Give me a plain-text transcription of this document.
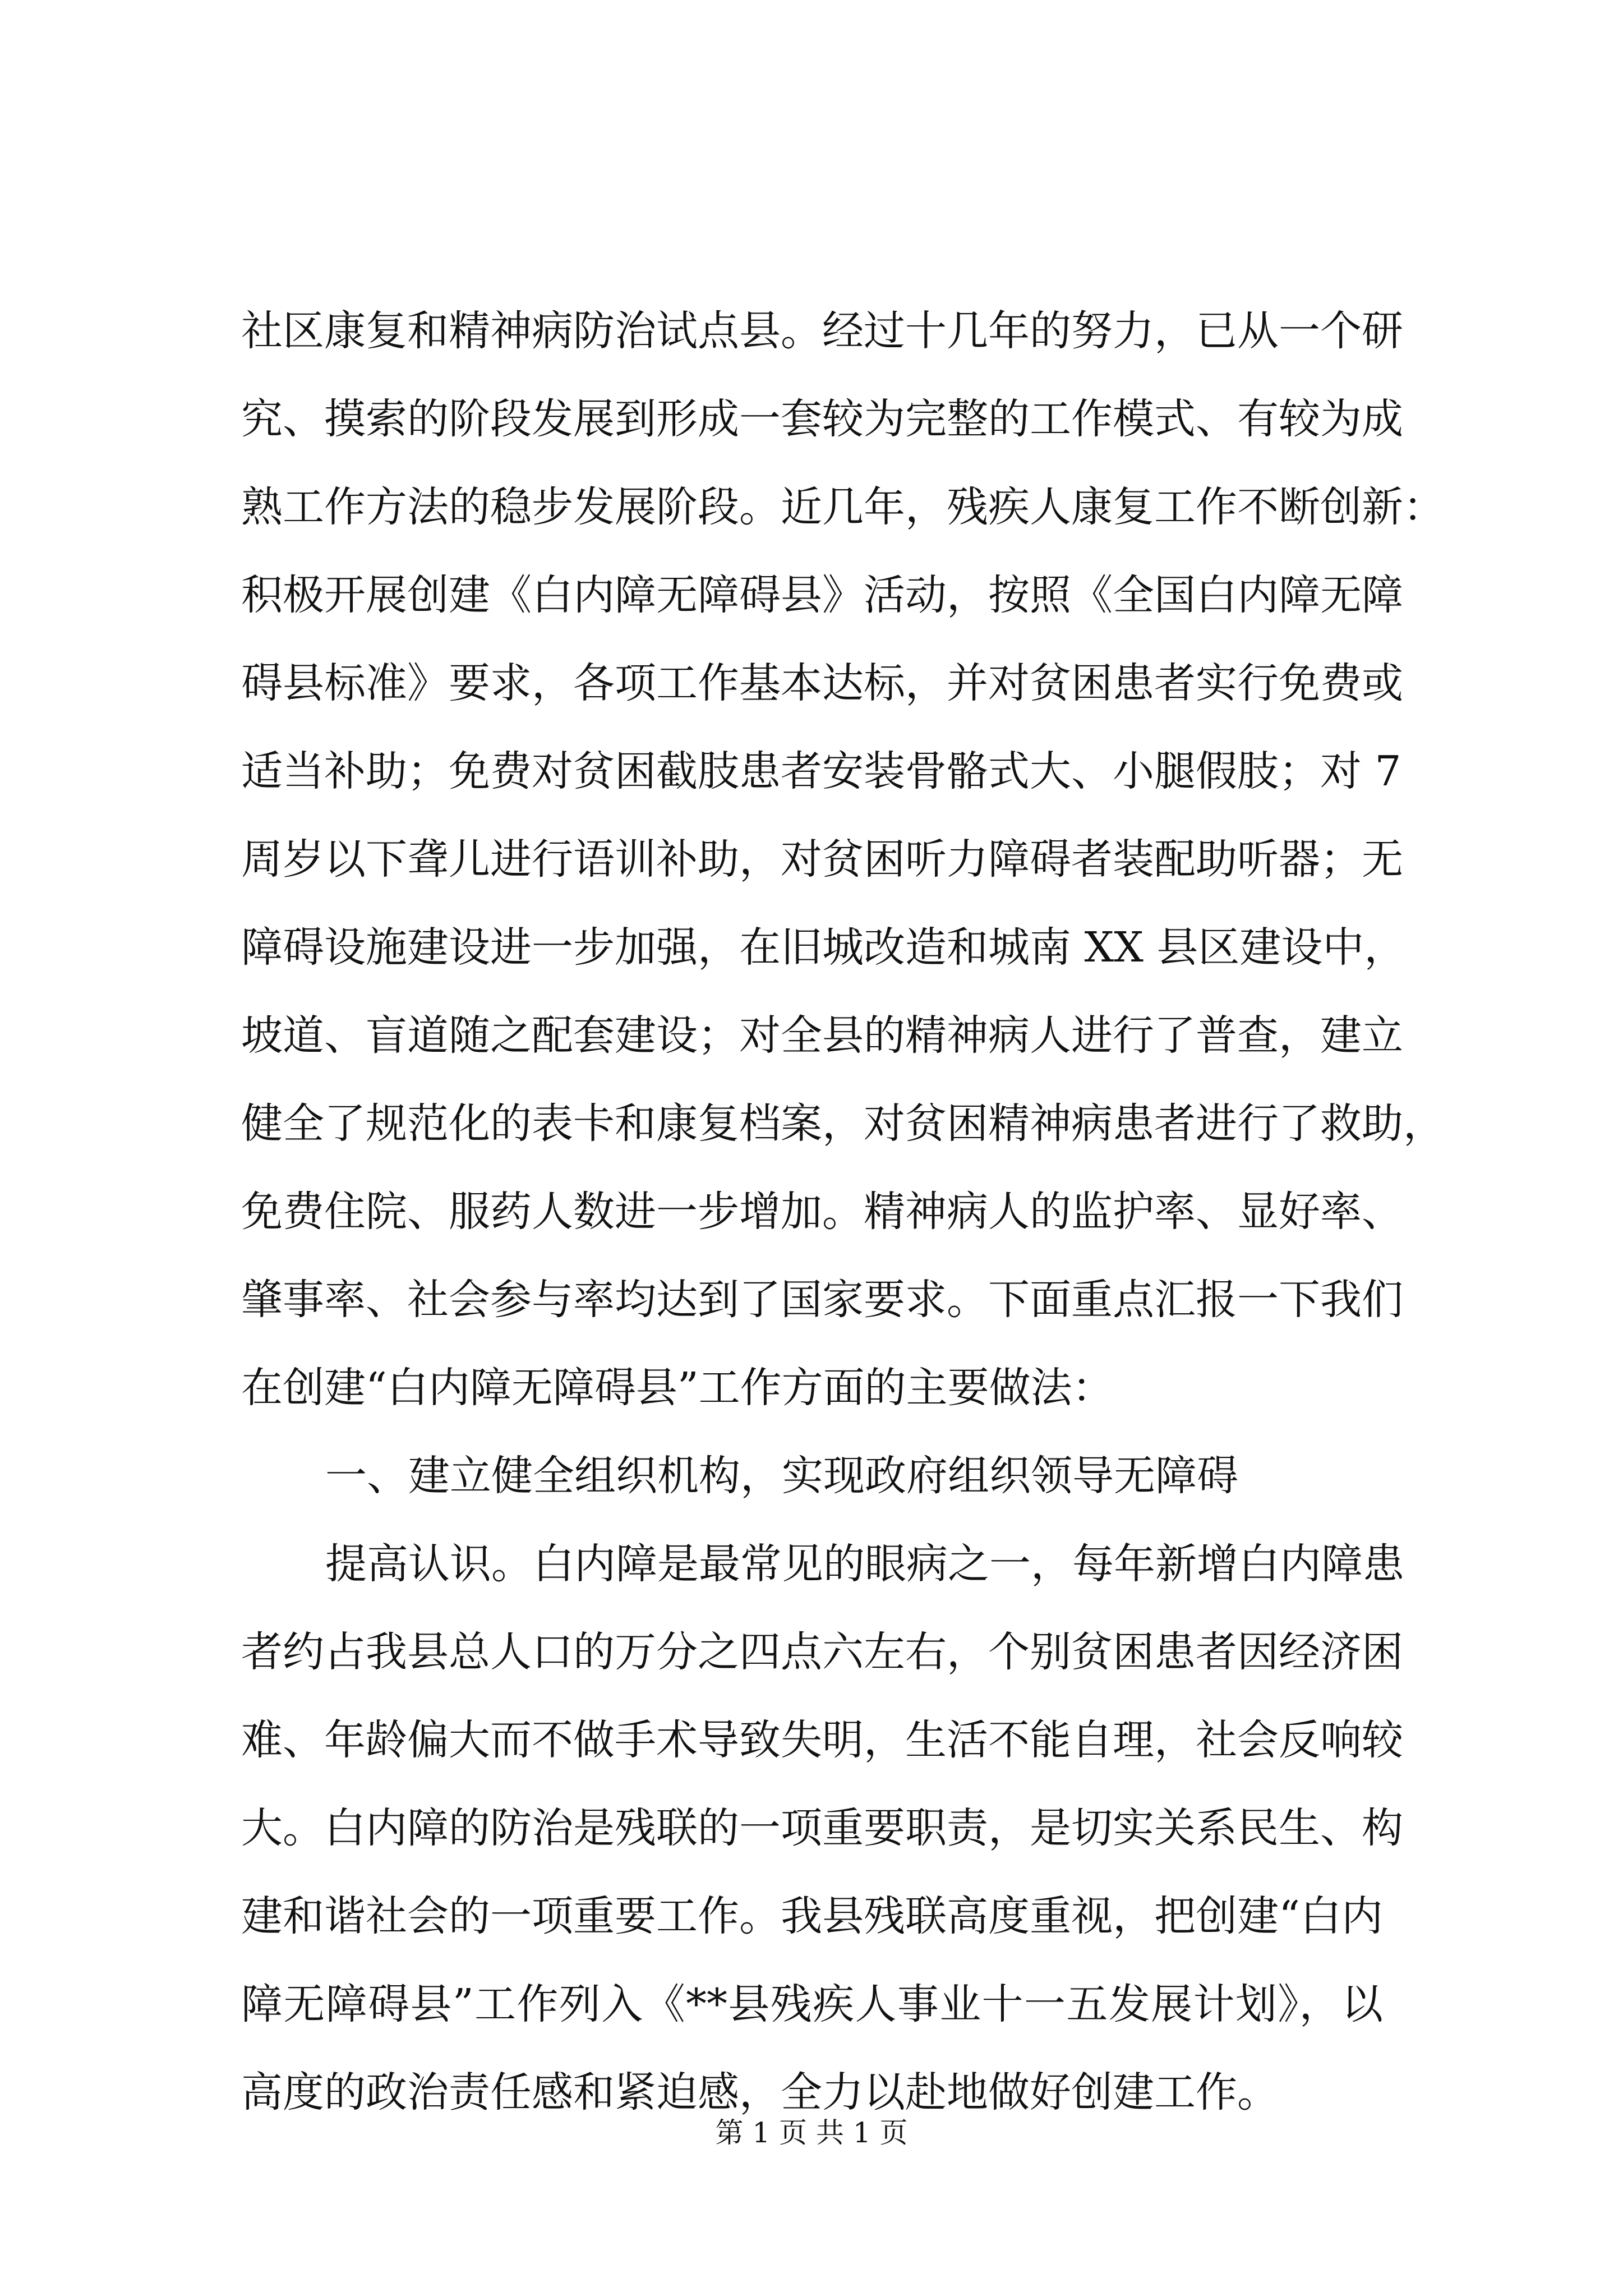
社区康复和精神病防治试点县。经过十几年的努力，已从一个研
究、摸索的阶段发展到形成一套较为完整的工作模式、有较为成
熟工作方法的稳步发展阶段。近几年，残疾人康复工作不断创新：
积极开展创建《白内障无障碍县》活动，按照《全国白内障无障
碍县标准》要求，各项工作基本达标，并对贫困患者实行免费或
适当补助；免费对贫困截肢患者安装骨骼式大、小腿假肢；对 7
周岁以下聋儿进行语训补助，对贫困听力障碍者装配助听器；无
障碍设施建设进一步加强，在旧城改造和城南 XX 县区建设中，
坡道、盲道随之配套建设；对全县的精神病人进行了普查，建立
健全了规范化的表卡和康复档案，对贫困精神病患者进行了救助，
免费住院、服药人数进一步增加。精神病人的监护率、显好率、
肇事率、社会参与率均达到了国家要求。下面重点汇报一下我们
在创建“白内障无障碍县”工作方面的主要做法：
一、建立健全组织机构，实现政府组织领导无障碍
提高认识。白内障是最常见的眼病之一，每年新增白内障患
者约占我县总人口的万分之四点六左右，个别贫困患者因经济困
难、年龄偏大而不做手术导致失明，生活不能自理，社会反响较
大。白内障的防治是残联的一项重要职责，是切实关系民生、构
建和谐社会的一项重要工作。我县残联高度重视，把创建“白内
障无障碍县”工作列入《**县残疾人事业十一五发展计划》，以
高度的政治责任感和紧迫感，全力以赴地做好创建工作。
第 1 页 共 1 页
